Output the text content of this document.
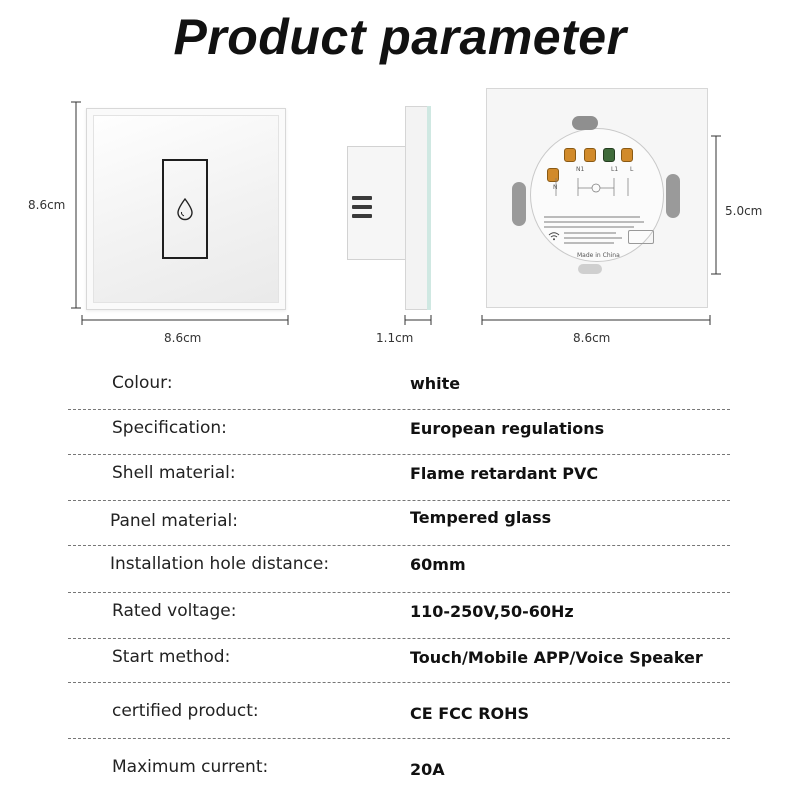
Product parameter
8.6cm
8.6cm	1.1cm
N
N1	L1 L
Made in China
5.0cm
8.6cm
Colour:	white
Specification:	European regulations
Shell material:	Flame retardant PVC
Panel material:	Tempered glass
Installation hole distance:	60mm
Rated voltage:	110-250V,50-60Hz
Start method:	Touch/Mobile APP/Voice Speaker
certified product:	CE FCC ROHS
Maximum current:	20A
